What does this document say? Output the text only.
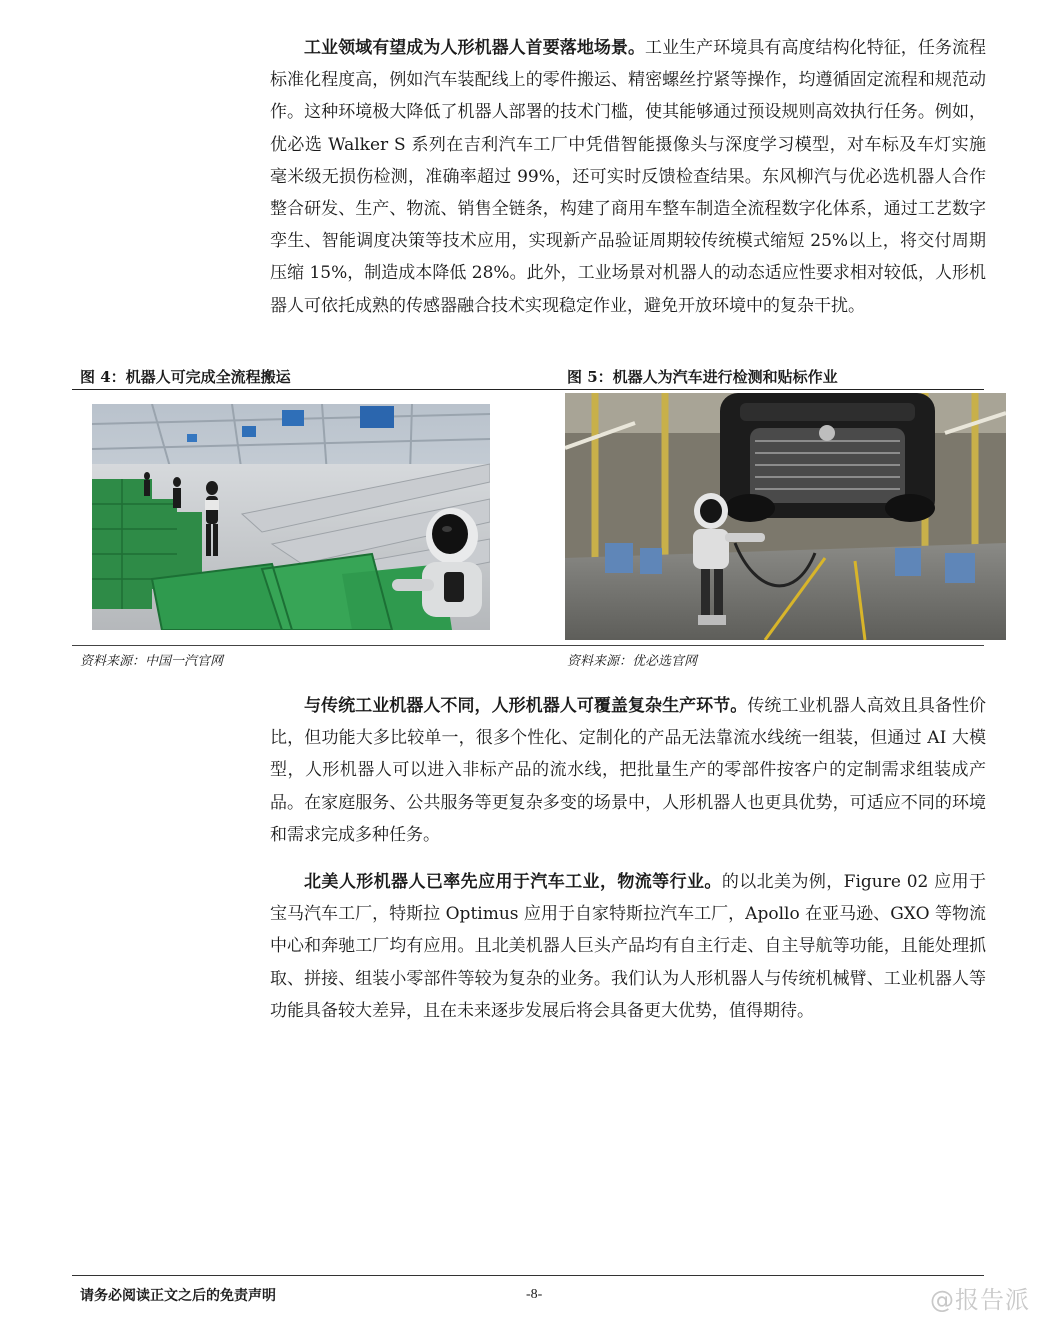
工业领域有望成为人形机器人首要落地场景。工业生产环境具有高度结构化特征，任务流程标准化程度高，例如汽车装配线上的零件搬运、精密螺丝拧紧等操作，均遵循固定流程和规范动作。这种环境极大降低了机器人部署的技术门槛，使其能够通过预设规则高效执行任务。例如，优必选 Walker S 系列在吉利汽车工厂中凭借智能摄像头与深度学习模型，对车标及车灯实施毫米级无损伤检测，准确率超过 99%，还可实时反馈检查结果。东风柳汽与优必选机器人合作整合研发、生产、物流、销售全链条，构建了商用车整车制造全流程数字化体系，通过工艺数字孪生、智能调度决策等技术应用，实现新产品验证周期较传统模式缩短 25%以上，将交付周期压缩 15%，制造成本降低 28%。此外，工业场景对机器人的动态适应性要求相对较低，人形机器人可依托成熟的传感器融合技术实现稳定作业，避免开放环境中的复杂干扰。

图 4：机器人可完成全流程搬运	图 5：机器人为汽车进行检测和贴标作业
资料来源：中国一汽官网	资料来源：优必选官网

与传统工业机器人不同，人形机器人可覆盖复杂生产环节。传统工业机器人高效且具备性价比，但功能大多比较单一，很多个性化、定制化的产品无法靠流水线统一组装，但通过 AI 大模型，人形机器人可以进入非标产品的流水线，把批量生产的零部件按客户的定制需求组装成产品。在家庭服务、公共服务等更复杂多变的场景中，人形机器人也更具优势，可适应不同的环境和需求完成多种任务。

北美人形机器人已率先应用于汽车工业，物流等行业。的以北美为例，Figure 02 应用于宝马汽车工厂，特斯拉 Optimus 应用于自家特斯拉汽车工厂，Apollo 在亚马逊、GXO 等物流中心和奔驰工厂均有应用。且北美机器人巨头产品均有自主行走、自主导航等功能，且能处理抓取、拼接、组装小零部件等较为复杂的业务。我们认为人形机器人与传统机械臂、工业机器人等功能具备较大差异，且在未来逐步发展后将会具备更大优势，值得期待。

请务必阅读正文之后的免责声明	-8-	@报告派
